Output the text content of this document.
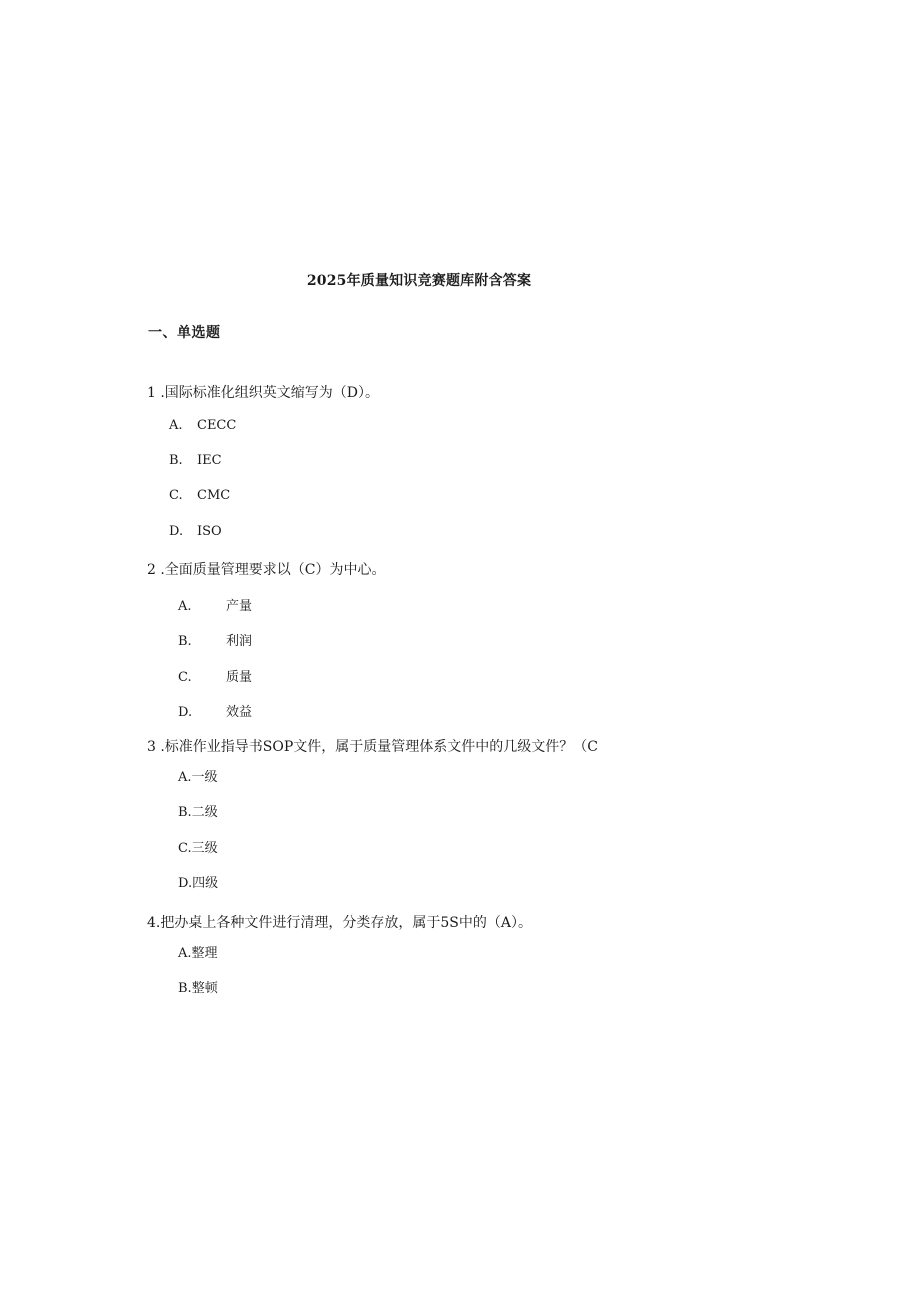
2025年质量知识竞赛题库附含答案
一、单选题
1 .国际标准化组织英文缩写为（D）。
A. CECC
B. IEC
C. CMC
D. ISO
2 .全面质量管理要求以（C）为中心。
A.	产量
B.	利润
C.	质量
D.	效益
3 .标准作业指导书SOP文件，属于质量管理体系文件中的几级文件？（C
A.一级
B.二级
C.三级
D.四级
4.把办桌上各种文件进行清理，分类存放，属于5S中的（A）。
A.整理
B.整顿
